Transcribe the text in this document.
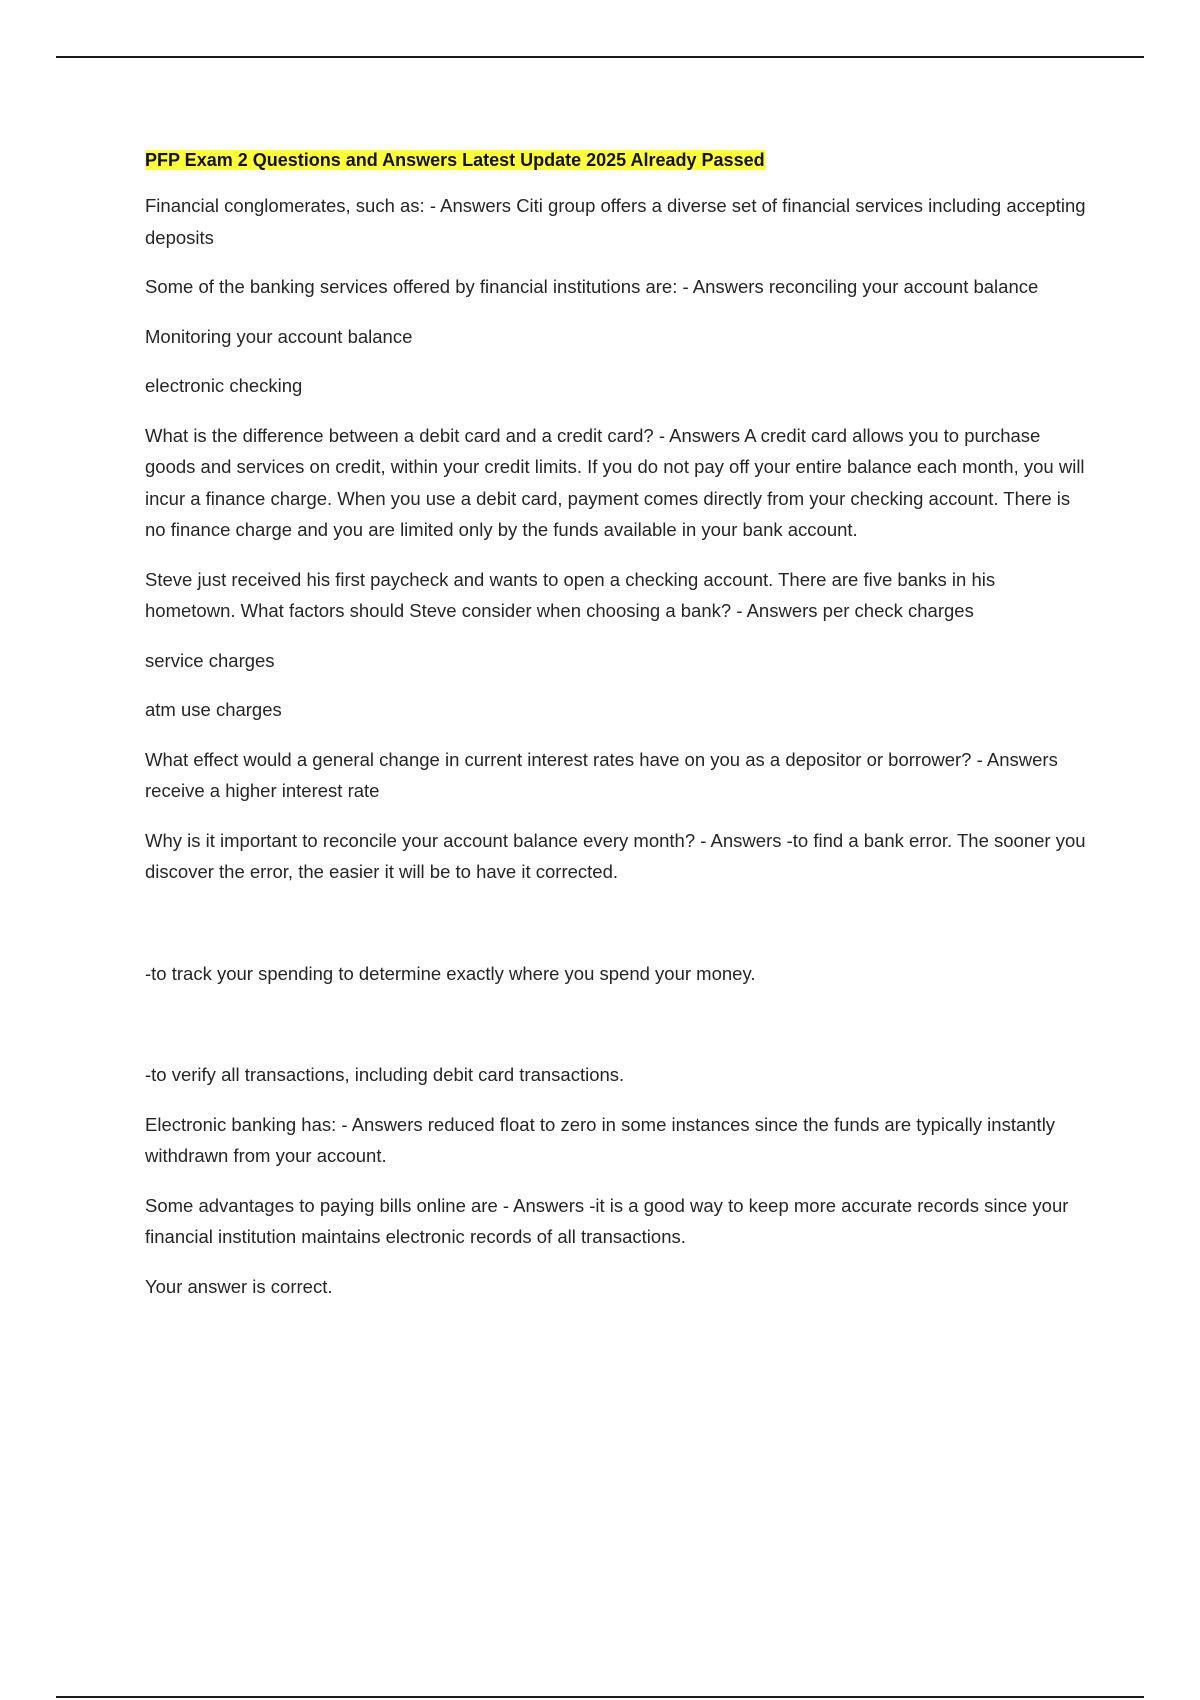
PFP Exam 2 Questions and Answers Latest Update 2025 Already Passed

Financial conglomerates, such as: - Answers Citi group offers a diverse set of financial services including accepting deposits

Some of the banking services offered by financial institutions are: - Answers reconciling your account balance

Monitoring your account balance

electronic checking

What is the difference between a debit card and a credit card? - Answers A credit card allows you to purchase goods and services on credit, within your credit limits. If you do not pay off your entire balance each month, you will incur a finance charge. When you use a debit card, payment comes directly from your checking account. There is no finance charge and you are limited only by the funds available in your bank account.

Steve just received his first paycheck and wants to open a checking account. There are five banks in his hometown. What factors should Steve consider when choosing a bank? - Answers per check charges

service charges

atm use charges

What effect would a general change in current interest rates have on you as a depositor or borrower? - Answers receive a higher interest rate

Why is it important to reconcile your account balance every month? - Answers -to find a bank error. The sooner you discover the error, the easier it will be to have it corrected.

-to track your spending to determine exactly where you spend your money.

-to verify all transactions, including debit card transactions.

Electronic banking has: - Answers reduced float to zero in some instances since the funds are typically instantly withdrawn from your account.

Some advantages to paying bills online are - Answers -it is a good way to keep more accurate records since your financial institution maintains electronic records of all transactions.

Your answer is correct.
